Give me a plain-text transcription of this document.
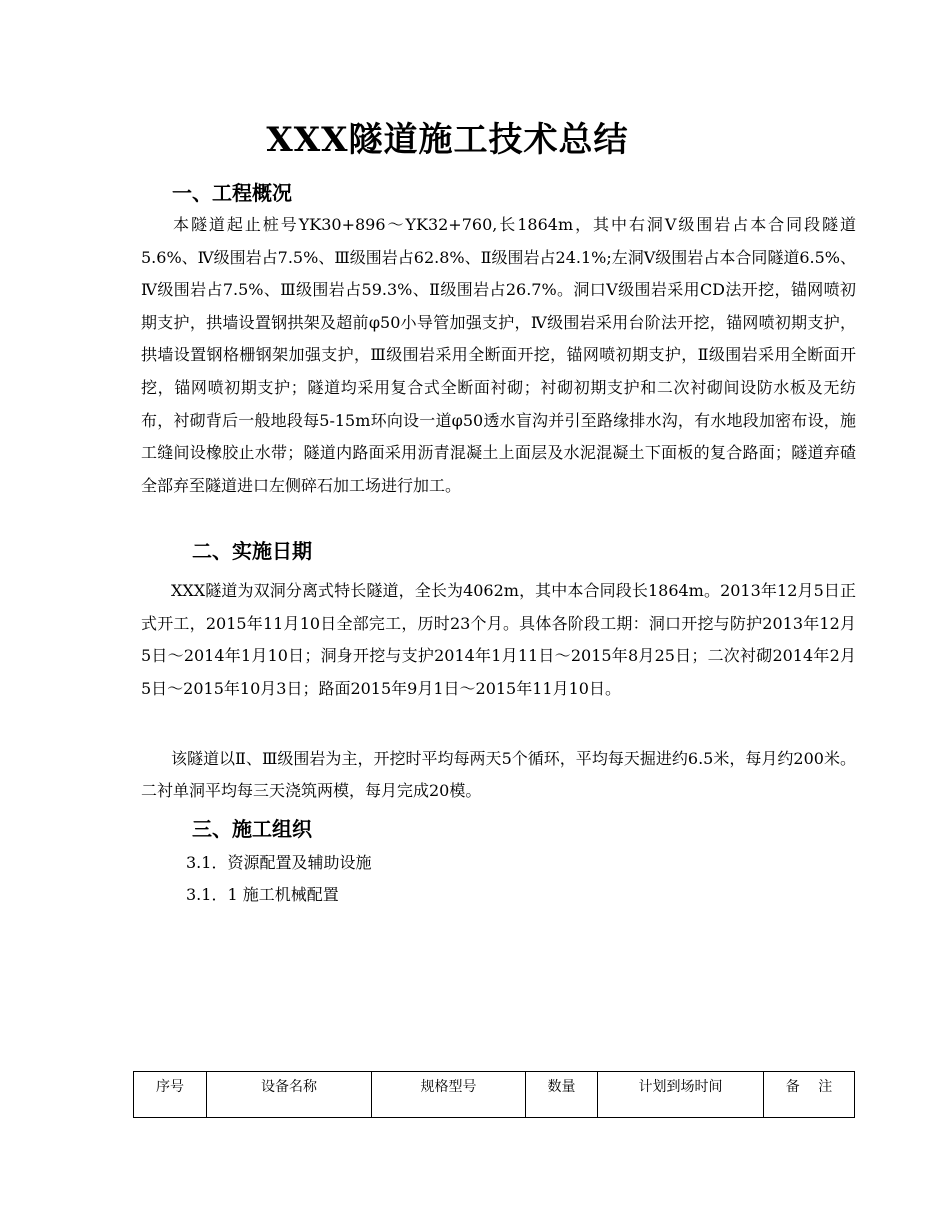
XXX隧道施工技术总结
一、工程概况
本隧道起止桩号YK30+896～YK32+760,长1864m，其中右洞Ⅴ级围岩占本合同段隧道5.6%、Ⅳ级围岩占7.5%、Ⅲ级围岩占62.8%、Ⅱ级围岩占24.1%;左洞Ⅴ级围岩占本合同隧道6.5%、Ⅳ级围岩占7.5%、Ⅲ级围岩占59.3%、Ⅱ级围岩占26.7%。洞口Ⅴ级围岩采用CD法开挖，锚网喷初期支护，拱墙设置钢拱架及超前φ50小导管加强支护，Ⅳ级围岩采用台阶法开挖，锚网喷初期支护，拱墙设置钢格栅钢架加强支护，Ⅲ级围岩采用全断面开挖，锚网喷初期支护，Ⅱ级围岩采用全断面开挖，锚网喷初期支护；隧道均采用复合式全断面衬砌；衬砌初期支护和二次衬砌间设防水板及无纺布，衬砌背后一般地段每5-15m环向设一道φ50透水盲沟并引至路缘排水沟，有水地段加密布设，施工缝间设橡胶止水带；隧道内路面采用沥青混凝土上面层及水泥混凝土下面板的复合路面；隧道弃碴全部弃至隧道进口左侧碎石加工场进行加工。
二、实施日期
XXX隧道为双洞分离式特长隧道，全长为4062m，其中本合同段长1864m。2013年12月5日正式开工，2015年11月10日全部完工，历时23个月。具体各阶段工期：洞口开挖与防护2013年12月5日～2014年1月10日；洞身开挖与支护2014年1月11日～2015年8月25日；二次衬砌2014年2月5日～2015年10月3日；路面2015年9月1日～2015年11月10日。
该隧道以Ⅱ、Ⅲ级围岩为主，开挖时平均每两天5个循环，平均每天掘进约6.5米，每月约200米。二衬单洞平均每三天浇筑两模，每月完成20模。
三、施工组织
3.1．资源配置及辅助设施
3.1．1 施工机械配置
序号	设备名称	规格型号	数量	计划到场时间	备　 注
